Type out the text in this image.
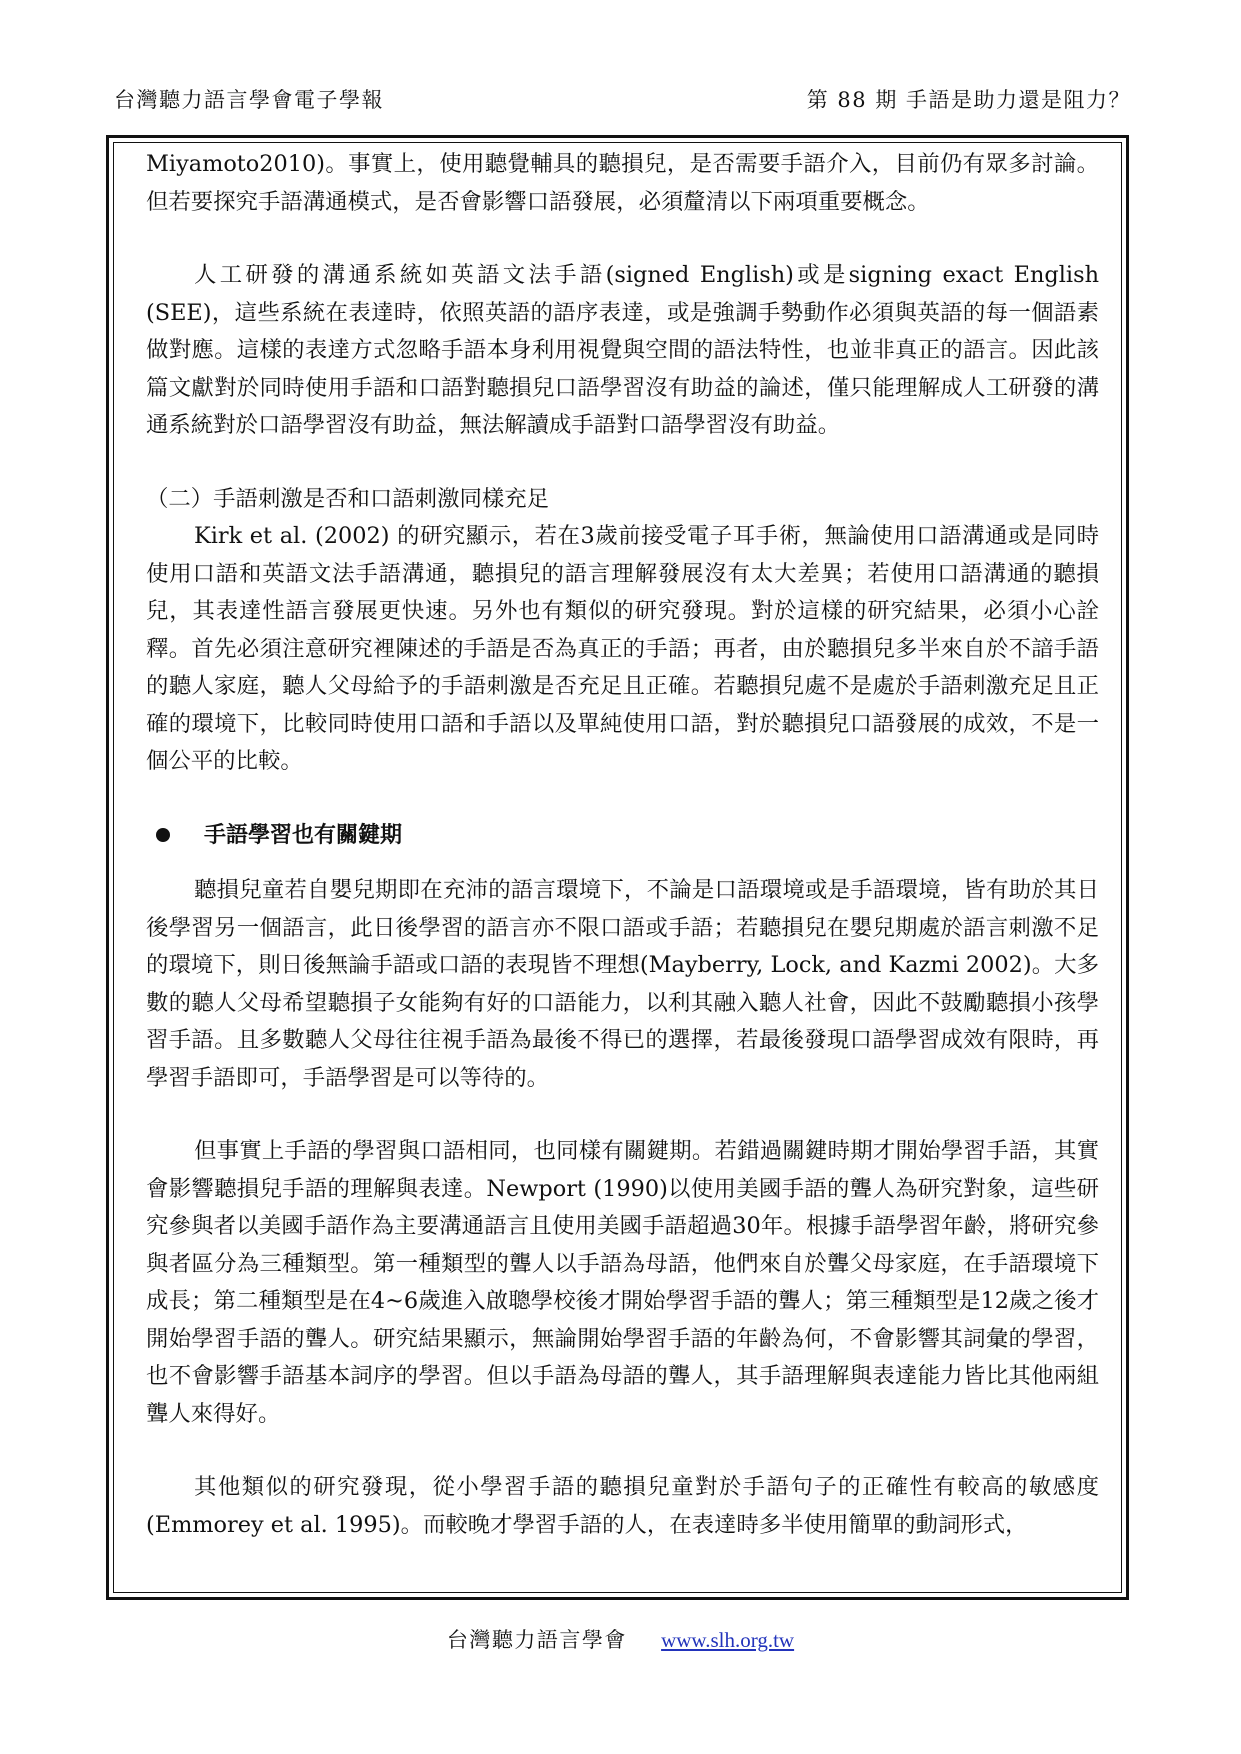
台灣聽力語言學會電子學報	第 88 期 手語是助力還是阻力？

Miyamoto2010)。事實上，使用聽覺輔具的聽損兒，是否需要手語介入，目前仍有眾多討論。但若要探究手語溝通模式，是否會影響口語發展，必須釐清以下兩項重要概念。

人工研發的溝通系統如英語文法手語(signed English)或是signing exact English (SEE)，這些系統在表達時，依照英語的語序表達，或是強調手勢動作必須與英語的每一個語素做對應。這樣的表達方式忽略手語本身利用視覺與空間的語法特性，也並非真正的語言。因此該篇文獻對於同時使用手語和口語對聽損兒口語學習沒有助益的論述，僅只能理解成人工研發的溝通系統對於口語學習沒有助益，無法解讀成手語對口語學習沒有助益。

（二）手語刺激是否和口語刺激同樣充足

Kirk et al. (2002) 的研究顯示，若在3歲前接受電子耳手術，無論使用口語溝通或是同時使用口語和英語文法手語溝通，聽損兒的語言理解發展沒有太大差異；若使用口語溝通的聽損兒，其表達性語言發展更快速。另外也有類似的研究發現。對於這樣的研究結果，必須小心詮釋。首先必須注意研究裡陳述的手語是否為真正的手語；再者，由於聽損兒多半來自於不諳手語的聽人家庭，聽人父母給予的手語刺激是否充足且正確。若聽損兒處不是處於手語刺激充足且正確的環境下，比較同時使用口語和手語以及單純使用口語，對於聽損兒口語發展的成效，不是一個公平的比較。

手語學習也有關鍵期

聽損兒童若自嬰兒期即在充沛的語言環境下，不論是口語環境或是手語環境，皆有助於其日後學習另一個語言，此日後學習的語言亦不限口語或手語；若聽損兒在嬰兒期處於語言刺激不足的環境下，則日後無論手語或口語的表現皆不理想(Mayberry, Lock, and Kazmi 2002)。大多數的聽人父母希望聽損子女能夠有好的口語能力，以利其融入聽人社會，因此不鼓勵聽損小孩學習手語。且多數聽人父母往往視手語為最後不得已的選擇，若最後發現口語學習成效有限時，再學習手語即可，手語學習是可以等待的。

但事實上手語的學習與口語相同，也同樣有關鍵期。若錯過關鍵時期才開始學習手語，其實會影響聽損兒手語的理解與表達。Newport (1990)以使用美國手語的聾人為研究對象，這些研究參與者以美國手語作為主要溝通語言且使用美國手語超過30年。根據手語學習年齡，將研究參與者區分為三種類型。第一種類型的聾人以手語為母語，他們來自於聾父母家庭，在手語環境下成長；第二種類型是在4~6歲進入啟聰學校後才開始學習手語的聾人；第三種類型是12歲之後才開始學習手語的聾人。研究結果顯示，無論開始學習手語的年齡為何，不會影響其詞彙的學習，也不會影響手語基本詞序的學習。但以手語為母語的聾人，其手語理解與表達能力皆比其他兩組聾人來得好。

其他類似的研究發現，從小學習手語的聽損兒童對於手語句子的正確性有較高的敏感度(Emmorey et al. 1995)。而較晚才學習手語的人，在表達時多半使用簡單的動詞形式，

台灣聽力語言學會 www.slh.org.tw
